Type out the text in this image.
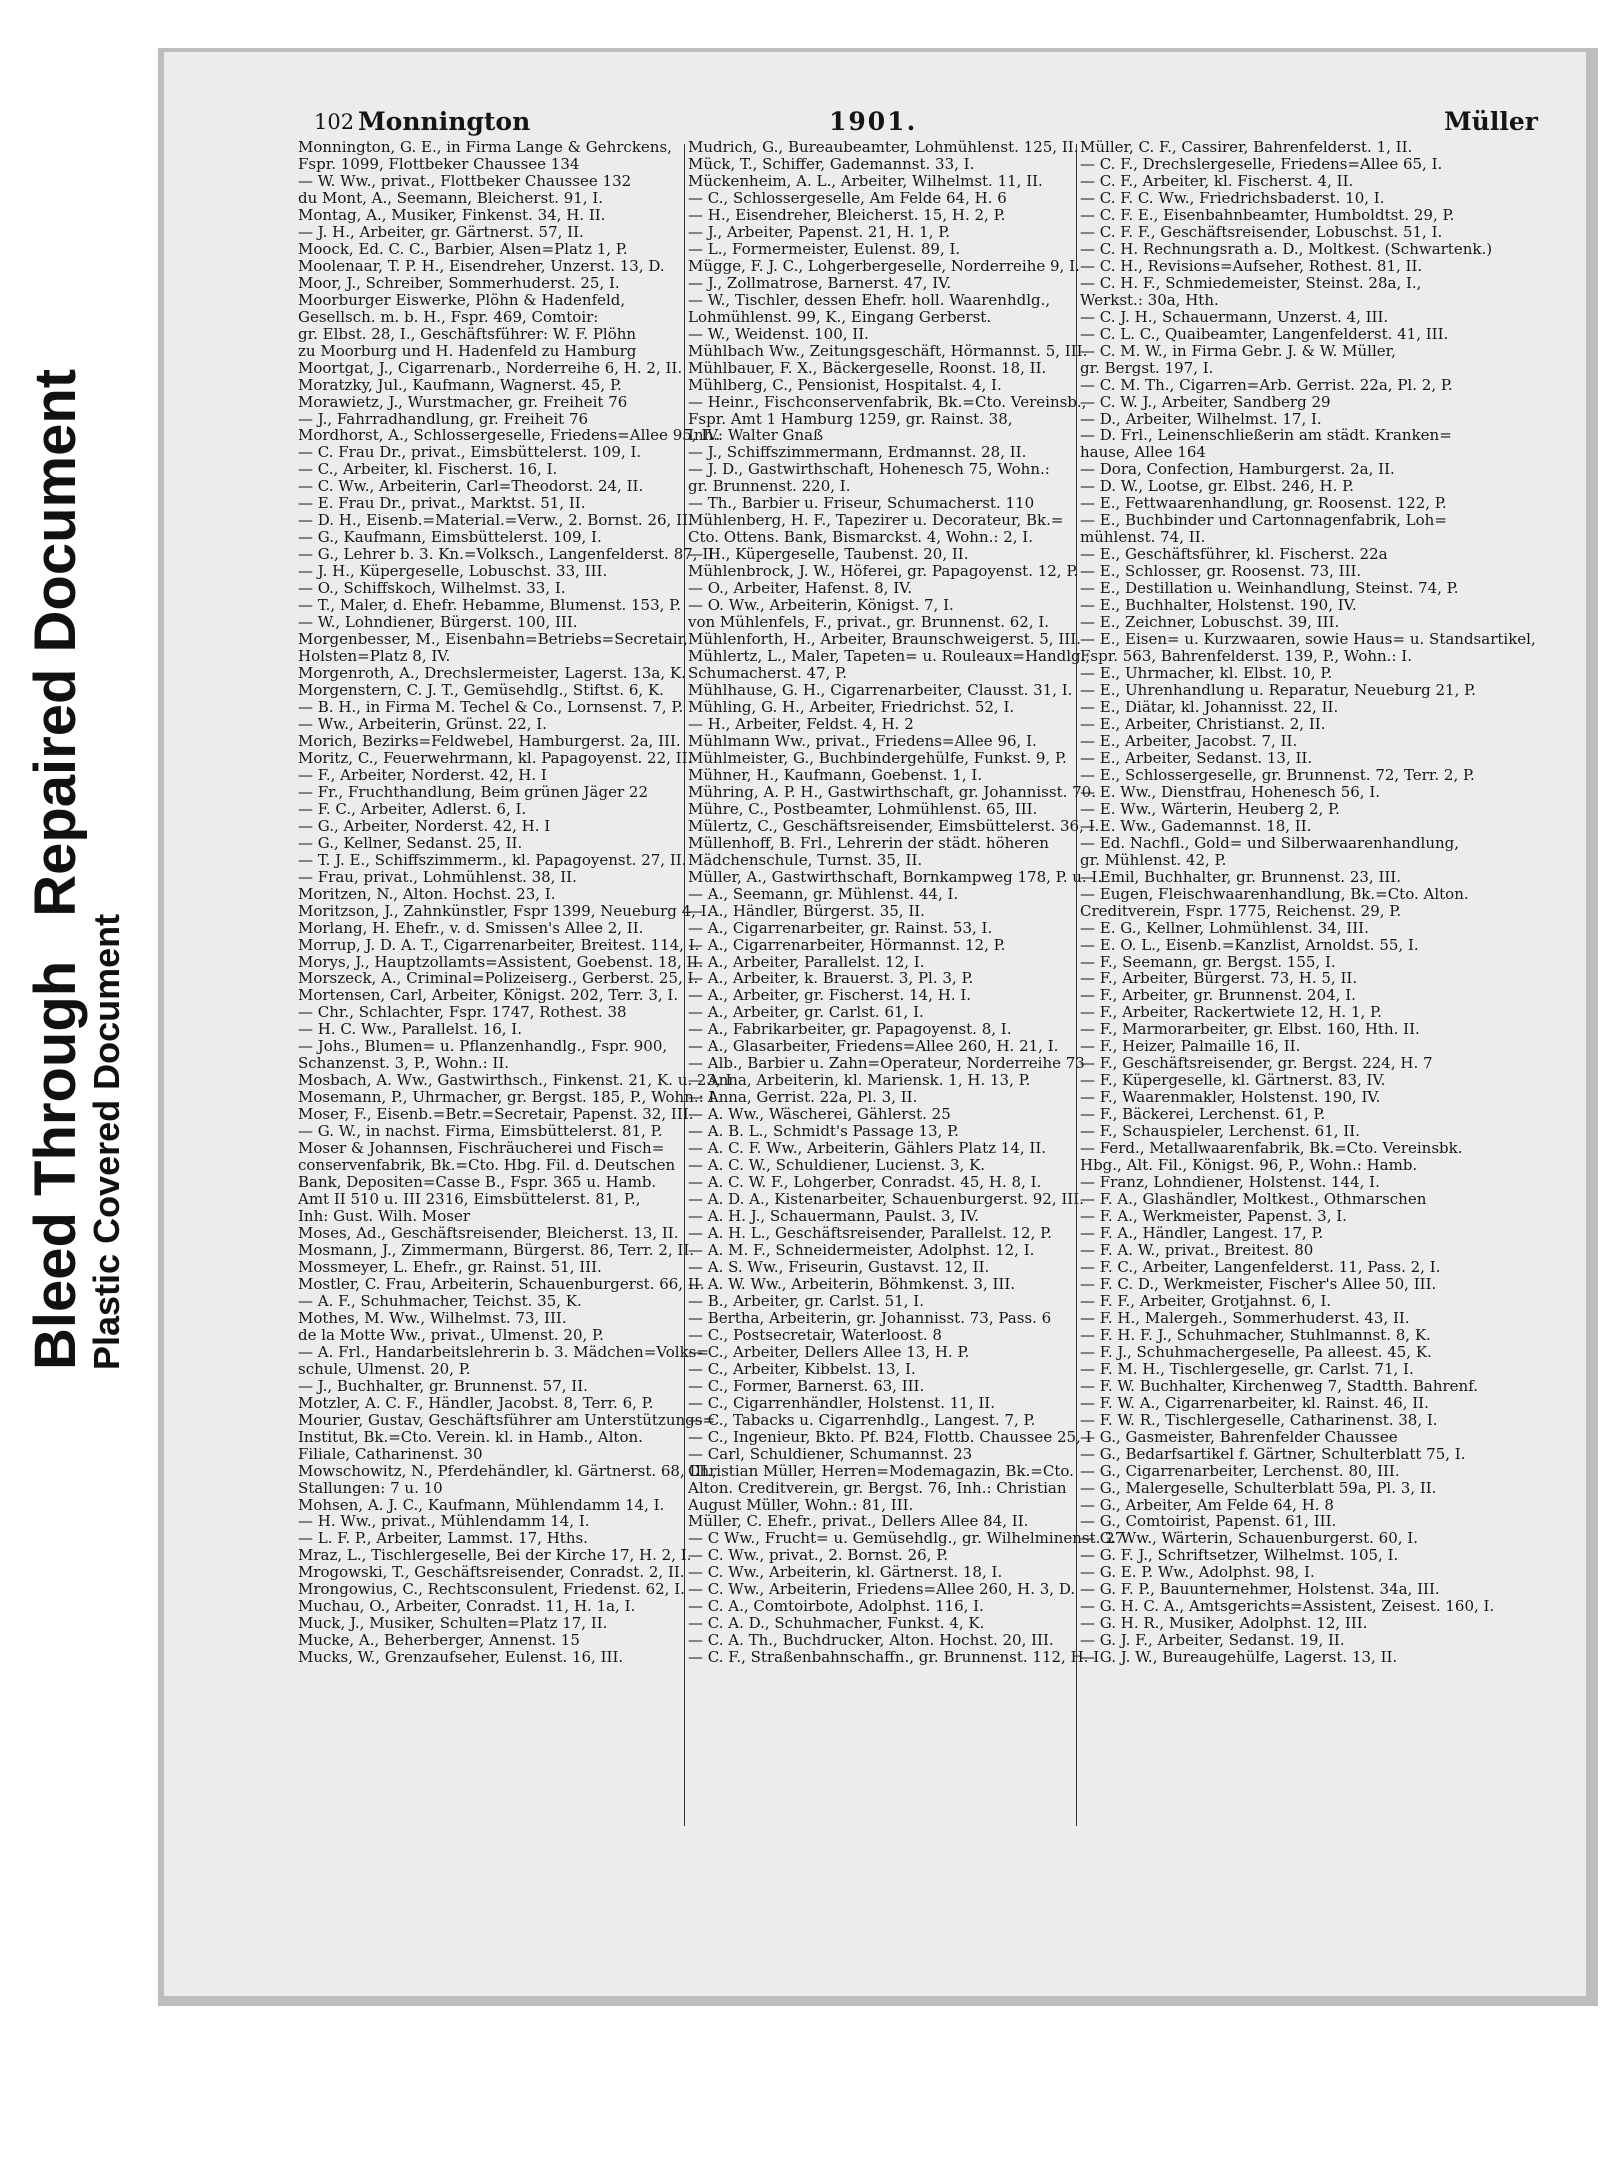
Bleed ThroughRepaired Document
Plastic Covered Document
102 Monnington	1901.	Müller
Monnington, G. E., in Firma Lange & Gehrckens,
Fspr. 1099, Flottbeker Chaussee 134
— W. Ww., privat., Flottbeker Chaussee 132
du Mont, A., Seemann, Bleicherst. 91, I.
Montag, A., Musiker, Finkenst. 34, H. II.
— J. H., Arbeiter, gr. Gärtnerst. 57, II.
Moock, Ed. C. C., Barbier, Alsen=Platz 1, P.
Moolenaar, T. P. H., Eisendreher, Unzerst. 13, D.
Moor, J., Schreiber, Sommerhuderst. 25, I.
Moorburger Eiswerke, Plöhn & Hadenfeld,
Gesellsch. m. b. H., Fspr. 469, Comtoir:
gr. Elbst. 28, I., Geschäftsführer: W. F. Plöhn
zu Moorburg und H. Hadenfeld zu Hamburg
Moortgat, J., Cigarrenarb., Norderreihe 6, H. 2, II.
Moratzky, Jul., Kaufmann, Wagnerst. 45, P.
Morawietz, J., Wurstmacher, gr. Freiheit 76
— J., Fahrradhandlung, gr. Freiheit 76
Mordhorst, A., Schlossergeselle, Friedens=Allee 95, IV.
— C. Frau Dr., privat., Eimsbüttelerst. 109, I.
— C., Arbeiter, kl. Fischerst. 16, I.
— C. Ww., Arbeiterin, Carl=Theodorst. 24, II.
— E. Frau Dr., privat., Marktst. 51, II.
— D. H., Eisenb.=Material.=Verw., 2. Bornst. 26, II.
— G., Kaufmann, Eimsbüttelerst. 109, I.
— G., Lehrer b. 3. Kn.=Volksch., Langenfelderst. 87, II
— J. H., Küpergeselle, Lobuschst. 33, III.
— O., Schiffskoch, Wilhelmst. 33, I.
— T., Maler, d. Ehefr. Hebamme, Blumenst. 153, P.
— W., Lohndiener, Bürgerst. 100, III.
Morgenbesser, M., Eisenbahn=Betriebs=Secretair,
Holsten=Platz 8, IV.
Morgenroth, A., Drechslermeister, Lagerst. 13a, K.
Morgenstern, C. J. T., Gemüsehdlg., Stiftst. 6, K.
— B. H., in Firma M. Techel & Co., Lornsenst. 7, P.
— Ww., Arbeiterin, Grünst. 22, I.
Morich, Bezirks=Feldwebel, Hamburgerst. 2a, III.
Moritz, C., Feuerwehrmann, kl. Papagoyenst. 22, II.
— F., Arbeiter, Norderst. 42, H. I
— Fr., Fruchthandlung, Beim grünen Jäger 22
— F. C., Arbeiter, Adlerst. 6, I.
— G., Arbeiter, Norderst. 42, H. I
— G., Kellner, Sedanst. 25, II.
— T. J. E., Schiffszimmerm., kl. Papagoyenst. 27, II.
— Frau, privat., Lohmühlenst. 38, II.
Moritzen, N., Alton. Hochst. 23, I.
Moritzson, J., Zahnkünstler, Fspr 1399, Neueburg 4, I.
Morlang, H. Ehefr., v. d. Smissen's Allee 2, II.
Morrup, J. D. A. T., Cigarrenarbeiter, Breitest. 114, I.
Morys, J., Hauptzollamts=Assistent, Goebenst. 18, II.
Morszeck, A., Criminal=Polizeiserg., Gerberst. 25, I.
Mortensen, Carl, Arbeiter, Königst. 202, Terr. 3, I.
— Chr., Schlachter, Fspr. 1747, Rothest. 38
— H. C. Ww., Parallelst. 16, I.
— Johs., Blumen= u. Pflanzenhandlg., Fspr. 900,
Schanzenst. 3, P., Wohn.: II.
Mosbach, A. Ww., Gastwirthsch., Finkenst. 21, K. u. 23, I
Mosemann, P., Uhrmacher, gr. Bergst. 185, P., Wohn.: I
Moser, F., Eisenb.=Betr.=Secretair, Papenst. 32, III.
— G. W., in nachst. Firma, Eimsbüttelerst. 81, P.
Moser & Johannsen, Fischräucherei und Fisch=
conservenfabrik, Bk.=Cto. Hbg. Fil. d. Deutschen
Bank, Depositen=Casse B., Fspr. 365 u. Hamb.
Amt II 510 u. III 2316, Eimsbüttelerst. 81, P.,
Inh: Gust. Wilh. Moser
Moses, Ad., Geschäftsreisender, Bleicherst. 13, II.
Mosmann, J., Zimmermann, Bürgerst. 86, Terr. 2, II.
Mossmeyer, L. Ehefr., gr. Rainst. 51, III.
Mostler, C. Frau, Arbeiterin, Schauenburgerst. 66, II.
— A. F., Schuhmacher, Teichst. 35, K.
Mothes, M. Ww., Wilhelmst. 73, III.
de la Motte Ww., privat., Ulmenst. 20, P.
— A. Frl., Handarbeitslehrerin b. 3. Mädchen=Volks=
schule, Ulmenst. 20, P.
— J., Buchhalter, gr. Brunnenst. 57, II.
Motzler, A. C. F., Händler, Jacobst. 8, Terr. 6, P.
Mourier, Gustav, Geschäftsführer am Unterstützungs=
Institut, Bk.=Cto. Verein. kl. in Hamb., Alton.
Filiale, Catharinenst. 30
Mowschowitz, N., Pferdehändler, kl. Gärtnerst. 68, III.,
Stallungen: 7 u. 10
Mohsen, A. J. C., Kaufmann, Mühlendamm 14, I.
— H. Ww., privat., Mühlendamm 14, I.
— L. F. P., Arbeiter, Lammst. 17, Hths.
Mraz, L., Tischlergeselle, Bei der Kirche 17, H. 2, I.
Mrogowski, T., Geschäftsreisender, Conradst. 2, II.
Mrongowius, C., Rechtsconsulent, Friedenst. 62, I.
Muchau, O., Arbeiter, Conradst. 11, H. 1a, I.
Muck, J., Musiker, Schulten=Platz 17, II.
Mucke, A., Beherberger, Annenst. 15
Mucks, W., Grenzaufseher, Eulenst. 16, III.
Mudrich, G., Bureaubeamter, Lohmühlenst. 125, II.
Mück, T., Schiffer, Gademannst. 33, I.
Mückenheim, A. L., Arbeiter, Wilhelmst. 11, II.
— C., Schlossergeselle, Am Felde 64, H. 6
— H., Eisendreher, Bleicherst. 15, H. 2, P.
— J., Arbeiter, Papenst. 21, H. 1, P.
— L., Formermeister, Eulenst. 89, I.
Mügge, F. J. C., Lohgerbergeselle, Norderreihe 9, I.
— J., Zollmatrose, Barnerst. 47, IV.
— W., Tischler, dessen Ehefr. holl. Waarenhdlg.,
Lohmühlenst. 99, K., Eingang Gerberst.
— W., Weidenst. 100, II.
Mühlbach Ww., Zeitungsgeschäft, Hörmannst. 5, III.
Mühlbauer, F. X., Bäckergeselle, Roonst. 18, II.
Mühlberg, C., Pensionist, Hospitalst. 4, I.
— Heinr., Fischconservenfabrik, Bk.=Cto. Vereinsb.,
Fspr. Amt 1 Hamburg 1259, gr. Rainst. 38,
Inh.: Walter Gnaß
— J., Schiffszimmermann, Erdmannst. 28, II.
— J. D., Gastwirthschaft, Hohenesch 75, Wohn.:
gr. Brunnenst. 220, I.
— Th., Barbier u. Friseur, Schumacherst. 110
Mühlenberg, H. F., Tapezirer u. Decorateur, Bk.=
Cto. Ottens. Bank, Bismarckst. 4, Wohn.: 2, I.
— H., Küpergeselle, Taubenst. 20, II.
Mühlenbrock, J. W., Höferei, gr. Papagoyenst. 12, P.
— O., Arbeiter, Hafenst. 8, IV.
— O. Ww., Arbeiterin, Königst. 7, I.
von Mühlenfels, F., privat., gr. Brunnenst. 62, I.
Mühlenforth, H., Arbeiter, Braunschweigerst. 5, III.
Mühlertz, L., Maler, Tapeten= u. Rouleaux=Handlg.,
Schumacherst. 47, P.
Mühlhause, G. H., Cigarrenarbeiter, Clausst. 31, I.
Mühling, G. H., Arbeiter, Friedrichst. 52, I.
— H., Arbeiter, Feldst. 4, H. 2
Mühlmann Ww., privat., Friedens=Allee 96, I.
Mühlmeister, G., Buchbindergehülfe, Funkst. 9, P.
Mühner, H., Kaufmann, Goebenst. 1, I.
Mühring, A. P. H., Gastwirthschaft, gr. Johannisst. 70.
Mühre, C., Postbeamter, Lohmühlenst. 65, III.
Mülertz, C., Geschäftsreisender, Eimsbüttelerst. 36, I.
Müllenhoff, B. Frl., Lehrerin der städt. höheren
Mädchenschule, Turnst. 35, II.
Müller, A., Gastwirthschaft, Bornkampweg 178, P. u. I.
— A., Seemann, gr. Mühlenst. 44, I.
— A., Händler, Bürgerst. 35, II.
— A., Cigarrenarbeiter, gr. Rainst. 53, I.
— A., Cigarrenarbeiter, Hörmannst. 12, P.
— A., Arbeiter, Parallelst. 12, I.
— A., Arbeiter, k. Brauerst. 3, Pl. 3, P.
— A., Arbeiter, gr. Fischerst. 14, H. I.
— A., Arbeiter, gr. Carlst. 61, I.
— A., Fabrikarbeiter, gr. Papagoyenst. 8, I.
— A., Glasarbeiter, Friedens=Allee 260, H. 21, I.
— Alb., Barbier u. Zahn=Operateur, Norderreihe 73
— Anna, Arbeiterin, kl. Mariensk. 1, H. 13, P.
— Anna, Gerrist. 22a, Pl. 3, II.
— A. Ww., Wäscherei, Gählerst. 25
— A. B. L., Schmidt's Passage 13, P.
— A. C. F. Ww., Arbeiterin, Gählers Platz 14, II.
— A. C. W., Schuldiener, Lucienst. 3, K.
— A. C. W. F., Lohgerber, Conradst. 45, H. 8, I.
— A. D. A., Kistenarbeiter, Schauenburgerst. 92, III.
— A. H. J., Schauermann, Paulst. 3, IV.
— A. H. L., Geschäftsreisender, Parallelst. 12, P.
— A. M. F., Schneidermeister, Adolphst. 12, I.
— A. S. Ww., Friseurin, Gustavst. 12, II.
— A. W. Ww., Arbeiterin, Böhmkenst. 3, III.
— B., Arbeiter, gr. Carlst. 51, I.
— Bertha, Arbeiterin, gr. Johannisst. 73, Pass. 6
— C., Postsecretair, Waterloost. 8
— C., Arbeiter, Dellers Allee 13, H. P.
— C., Arbeiter, Kibbelst. 13, I.
— C., Former, Barnerst. 63, III.
— C., Cigarrenhändler, Holstenst. 11, II.
— C., Tabacks u. Cigarrenhdlg., Langest. 7, P.
— C., Ingenieur, Bkto. Pf. B24, Flottb. Chaussee 25, I
— Carl, Schuldiener, Schumannst. 23
Christian Müller, Herren=Modemagazin, Bk.=Cto.
Alton. Creditverein, gr. Bergst. 76, Inh.: Christian
August Müller, Wohn.: 81, III.
Müller, C. Ehefr., privat., Dellers Allee 84, II.
— C Ww., Frucht= u. Gemüsehdlg., gr. Wilhelminenst. 27
— C. Ww., privat., 2. Bornst. 26, P.
— C. Ww., Arbeiterin, kl. Gärtnerst. 18, I.
— C. Ww., Arbeiterin, Friedens=Allee 260, H. 3, D.
— C. A., Comtoirbote, Adolphst. 116, I.
— C. A. D., Schuhmacher, Funkst. 4, K.
— C. A. Th., Buchdrucker, Alton. Hochst. 20, III.
— C. F., Straßenbahnschaffn., gr. Brunnenst. 112, H. I
Müller, C. F., Cassirer, Bahrenfelderst. 1, II.
— C. F., Drechslergeselle, Friedens=Allee 65, I.
— C. F., Arbeiter, kl. Fischerst. 4, II.
— C. F. C. Ww., Friedrichsbaderst. 10, I.
— C. F. E., Eisenbahnbeamter, Humboldtst. 29, P.
— C. F. F., Geschäftsreisender, Lobuschst. 51, I.
— C. H. Rechnungsrath a. D., Moltkest. (Schwartenk.)
— C. H., Revisions=Aufseher, Rothest. 81, II.
— C. H. F., Schmiedemeister, Steinst. 28a, I.,
Werkst.: 30a, Hth.
— C. J. H., Schauermann, Unzerst. 4, III.
— C. L. C., Quaibeamter, Langenfelderst. 41, III.
— C. M. W., in Firma Gebr. J. & W. Müller,
gr. Bergst. 197, I.
— C. M. Th., Cigarren=Arb. Gerrist. 22a, Pl. 2, P.
— C. W. J., Arbeiter, Sandberg 29
— D., Arbeiter, Wilhelmst. 17, I.
— D. Frl., Leinenschließerin am städt. Kranken=
hause, Allee 164
— Dora, Confection, Hamburgerst. 2a, II.
— D. W., Lootse, gr. Elbst. 246, H. P.
— E., Fettwaarenhandlung, gr. Roosenst. 122, P.
— E., Buchbinder und Cartonnagenfabrik, Loh=
mühlenst. 74, II.
— E., Geschäftsführer, kl. Fischerst. 22a
— E., Schlosser, gr. Roosenst. 73, III.
— E., Destillation u. Weinhandlung, Steinst. 74, P.
— E., Buchhalter, Holstenst. 190, IV.
— E., Zeichner, Lobuschst. 39, III.
— E., Eisen= u. Kurzwaaren, sowie Haus= u. Standsartikel,
Fspr. 563, Bahrenfelderst. 139, P., Wohn.: I.
— E., Uhrmacher, kl. Elbst. 10, P.
— E., Uhrenhandlung u. Reparatur, Neueburg 21, P.
— E., Diätar, kl. Johannisst. 22, II.
— E., Arbeiter, Christianst. 2, II.
— E., Arbeiter, Jacobst. 7, II.
— E., Arbeiter, Sedanst. 13, II.
— E., Schlossergeselle, gr. Brunnenst. 72, Terr. 2, P.
— E. Ww., Dienstfrau, Hohenesch 56, I.
— E. Ww., Wärterin, Heuberg 2, P.
— E. Ww., Gademannst. 18, II.
— Ed. Nachfl., Gold= und Silberwaarenhandlung,
gr. Mühlenst. 42, P.
— Emil, Buchhalter, gr. Brunnenst. 23, III.
— Eugen, Fleischwaarenhandlung, Bk.=Cto. Alton.
Creditverein, Fspr. 1775, Reichenst. 29, P.
— E. G., Kellner, Lohmühlenst. 34, III.
— E. O. L., Eisenb.=Kanzlist, Arnoldst. 55, I.
— F., Seemann, gr. Bergst. 155, I.
— F., Arbeiter, Bürgerst. 73, H. 5, II.
— F., Arbeiter, gr. Brunnenst. 204, I.
— F., Arbeiter, Rackertwiete 12, H. 1, P.
— F., Marmorarbeiter, gr. Elbst. 160, Hth. II.
— F., Heizer, Palmaille 16, II.
— F., Geschäftsreisender, gr. Bergst. 224, H. 7
— F., Küpergeselle, kl. Gärtnerst. 83, IV.
— F., Waarenmakler, Holstenst. 190, IV.
— F., Bäckerei, Lerchenst. 61, P.
— F., Schauspieler, Lerchenst. 61, II.
— Ferd., Metallwaarenfabrik, Bk.=Cto. Vereinsbk.
Hbg., Alt. Fil., Königst. 96, P., Wohn.: Hamb.
— Franz, Lohndiener, Holstenst. 144, I.
— F. A., Glashändler, Moltkest., Othmarschen
— F. A., Werkmeister, Papenst. 3, I.
— F. A., Händler, Langest. 17, P.
— F. A. W., privat., Breitest. 80
— F. C., Arbeiter, Langenfelderst. 11, Pass. 2, I.
— F. C. D., Werkmeister, Fischer's Allee 50, III.
— F. F., Arbeiter, Grotjahnst. 6, I.
— F. H., Malergeh., Sommerhuderst. 43, II.
— F. H. F. J., Schuhmacher, Stuhlmannst. 8, K.
— F. J., Schuhmachergeselle, Pa alleest. 45, K.
— F. M. H., Tischlergeselle, gr. Carlst. 71, I.
— F. W. Buchhalter, Kirchenweg 7, Stadtth. Bahrenf.
— F. W. A., Cigarrenarbeiter, kl. Rainst. 46, II.
— F. W. R., Tischlergeselle, Catharinenst. 38, I.
— G., Gasmeister, Bahrenfelder Chaussee
— G., Bedarfsartikel f. Gärtner, Schulterblatt 75, I.
— G., Cigarrenarbeiter, Lerchenst. 80, III.
— G., Malergeselle, Schulterblatt 59a, Pl. 3, II.
— G., Arbeiter, Am Felde 64, H. 8
— G., Comtoirist, Papenst. 61, III.
— G. Ww., Wärterin, Schauenburgerst. 60, I.
— G. F. J., Schriftsetzer, Wilhelmst. 105, I.
— G. E. P. Ww., Adolphst. 98, I.
— G. F. P., Bauunternehmer, Holstenst. 34a, III.
— G. H. C. A., Amtsgerichts=Assistent, Zeisest. 160, I.
— G. H. R., Musiker, Adolphst. 12, III.
— G. J. F., Arbeiter, Sedanst. 19, II.
— G. J. W., Bureaugehülfe, Lagerst. 13, II.
